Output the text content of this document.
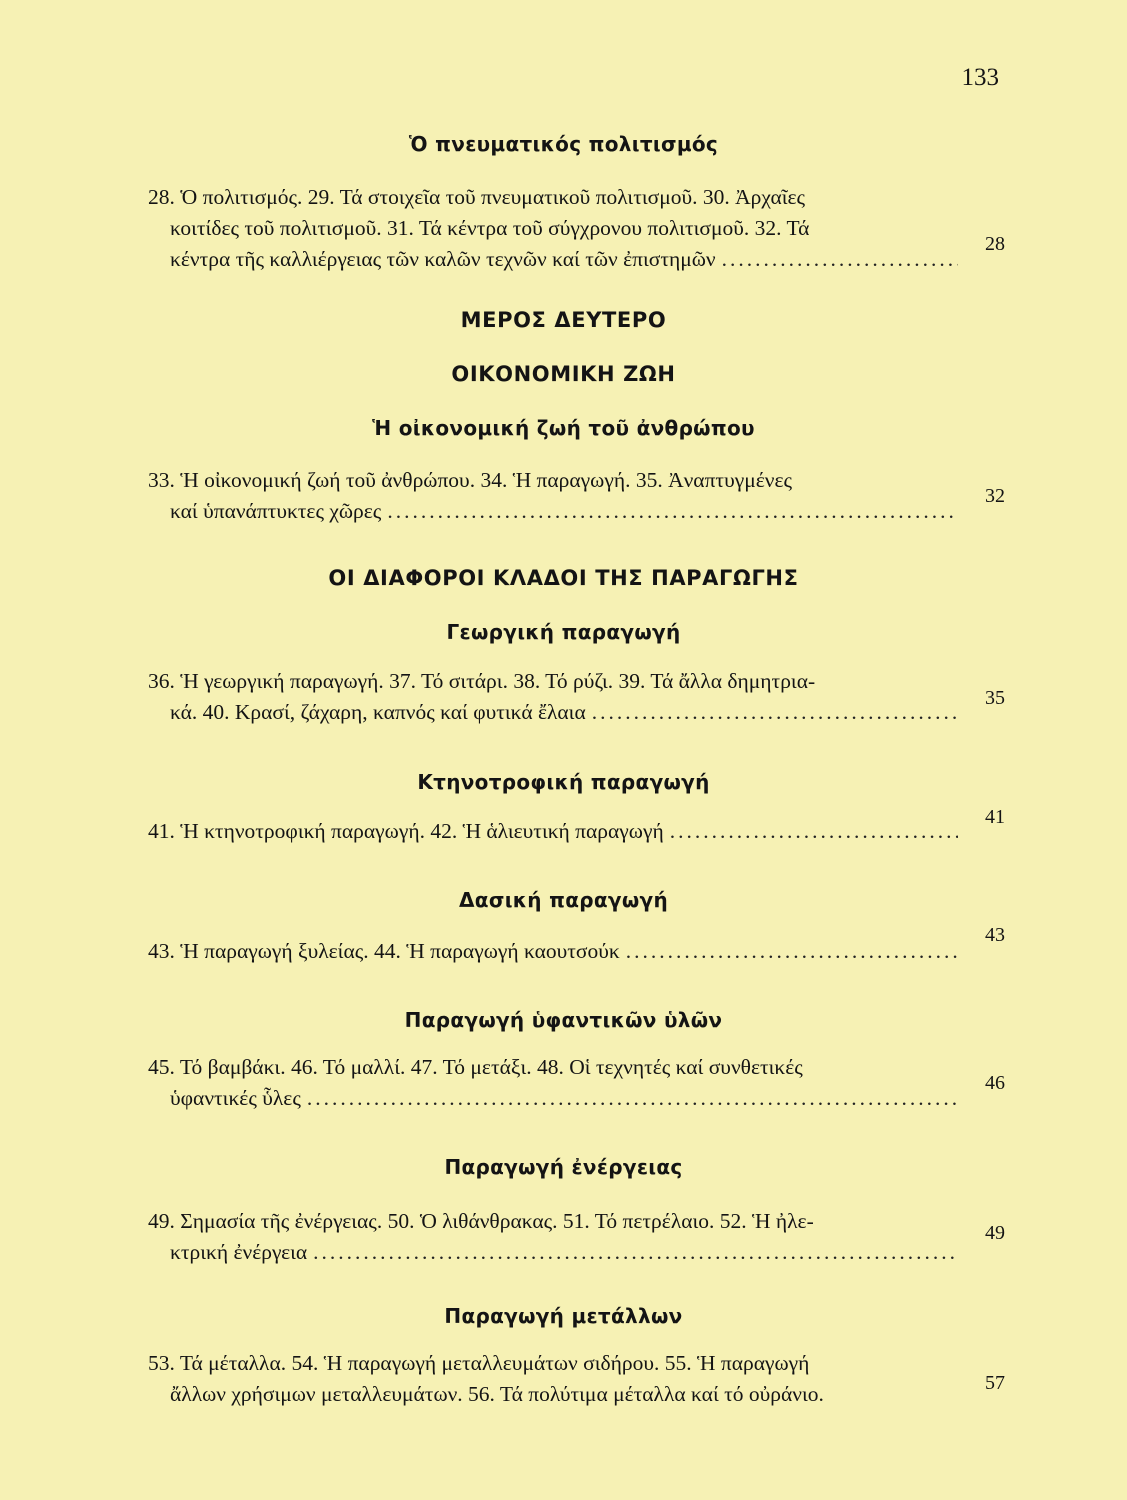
133
Ὁ πνευματικός πολιτισμός
28. Ὁ πολιτισμός. 29. Τά στοιχεῖα τοῦ πνευματικοῦ πολιτισμοῦ. 30. Ἀρχαῖες
κοιτίδες τοῦ πολιτισμοῦ. 31. Τά κέντρα τοῦ σύγχρονου πολιτισμοῦ. 32. Τά
κέντρα τῆς καλλιέργειας τῶν καλῶν τεχνῶν καί τῶν ἐπιστημῶν
.....
28
ΜΕΡΟΣ ΔΕΥΤΕΡΟ
ΟΙΚΟΝΟΜΙΚΗ ΖΩΗ
Ἡ οἰκονομική ζωή τοῦ ἀνθρώπου
33. Ἡ οἰκονομική ζωή τοῦ ἀνθρώπου. 34. Ἡ παραγωγή. 35. Ἀναπτυγμένες
καί ὑπανάπτυκτες χῶρες
.....
32
ΟΙ ΔΙΑΦΟΡΟΙ ΚΛΑΔΟΙ ΤΗΣ ΠΑΡΑΓΩΓΗΣ
Γεωργική παραγωγή
36. Ἡ γεωργική παραγωγή. 37. Τό σιτάρι. 38. Τό ρύζι. 39. Τά ἄλλα δημητρια-
κά. 40. Κρασί, ζάχαρη, καπνός καί φυτικά ἔλαια
.....
35
Κτηνοτροφική παραγωγή
41. Ἡ κτηνοτροφική παραγωγή. 42. Ἡ ἁλιευτική παραγωγή
.....
41
Δασική παραγωγή
43. Ἡ παραγωγή ξυλείας. 44. Ἡ παραγωγή καουτσούκ
.....
43
Παραγωγή ὑφαντικῶν ὑλῶν
45. Τό βαμβάκι. 46. Τό μαλλί. 47. Τό μετάξι. 48. Οἱ τεχνητές καί συνθετικές
ὑφαντικές ὗλες
.....
46
Παραγωγή ἐνέργειας
49. Σημασία τῆς ἐνέργειας. 50. Ὁ λιθάνθρακας. 51. Τό πετρέλαιο. 52. Ἡ ἠλε-
κτρική ἐνέργεια
.....
49
Παραγωγή μετάλλων
53. Τά μέταλλα. 54. Ἡ παραγωγή μεταλλευμάτων σιδήρου. 55. Ἡ παραγωγή
ἄλλων χρήσιμων μεταλλευμάτων. 56. Τά πολύτιμα μέταλλα καί τό οὐράνιο.	57
